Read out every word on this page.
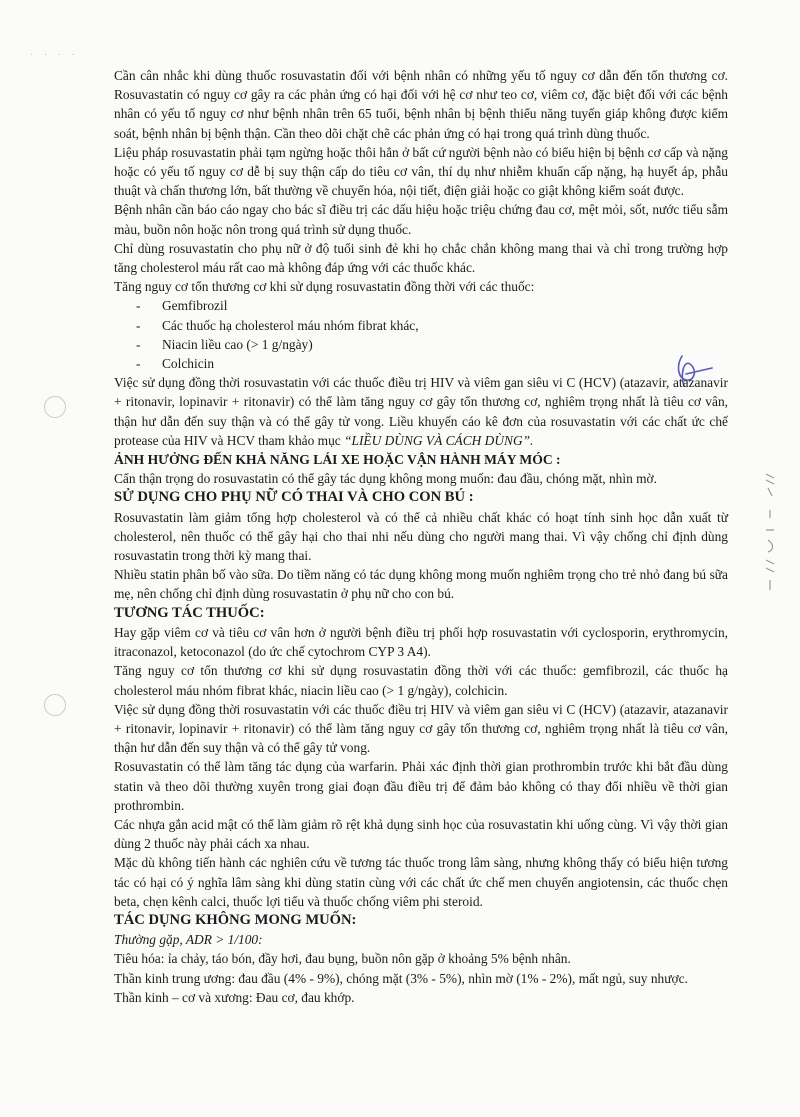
· · · ·

Cần cân nhắc khi dùng thuốc rosuvastatin đối với bệnh nhân có những yếu tố nguy cơ dẫn đến tổn thương cơ. Rosuvastatin có nguy cơ gây ra các phản ứng có hại đối với hệ cơ như teo cơ, viêm cơ, đặc biệt đối với các bệnh nhân có yếu tố nguy cơ như bệnh nhân trên 65 tuổi, bệnh nhân bị bệnh thiểu năng tuyến giáp không được kiểm soát, bệnh nhân bị bệnh thận. Cần theo dõi chặt chẽ các phản ứng có hại trong quá trình dùng thuốc.

Liệu pháp rosuvastatin phải tạm ngừng hoặc thôi hẳn ở bất cứ người bệnh nào có biểu hiện bị bệnh cơ cấp và nặng hoặc có yếu tố nguy cơ dễ bị suy thận cấp do tiêu cơ vân, thí dụ như nhiễm khuẩn cấp nặng, hạ huyết áp, phẫu thuật và chấn thương lớn, bất thường về chuyển hóa, nội tiết, điện giải hoặc co giật không kiểm soát được.

Bệnh nhân cần báo cáo ngay cho bác sĩ điều trị các dấu hiệu hoặc triệu chứng đau cơ, mệt mỏi, sốt, nước tiểu sẫm màu, buồn nôn hoặc nôn trong quá trình sử dụng thuốc.

Chỉ dùng rosuvastatin cho phụ nữ ở độ tuổi sinh đẻ khi họ chắc chắn không mang thai và chỉ trong trường hợp tăng cholesterol máu rất cao mà không đáp ứng với các thuốc khác.

Tăng nguy cơ tổn thương cơ khi sử dụng rosuvastatin đồng thời với các thuốc:

- Gemfibrozil
- Các thuốc hạ cholesterol máu nhóm fibrat khác,
- Niacin liều cao (> 1 g/ngày)
- Colchicin

Việc sử dụng đồng thời rosuvastatin với các thuốc điều trị HIV và viêm gan siêu vi C (HCV) (atazavir, atazanavir + ritonavir, lopinavir + ritonavir) có thể làm tăng nguy cơ gây tổn thương cơ, nghiêm trọng nhất là tiêu cơ vân, thận hư dẫn đến suy thận và có thể gây tử vong. Liều khuyến cáo kê đơn của rosuvastatin với các chất ức chế protease của HIV và HCV tham khảo mục “LIỀU DÙNG VÀ CÁCH DÙNG”.

ẢNH HƯỞNG ĐẾN KHẢ NĂNG LÁI XE HOẶC VẬN HÀNH MÁY MÓC :

Cẩn thận trọng do rosuvastatin có thể gây tác dụng không mong muốn: đau đầu, chóng mặt, nhìn mờ.

SỬ DỤNG CHO PHỤ NỮ CÓ THAI VÀ CHO CON BÚ :

Rosuvastatin làm giảm tổng hợp cholesterol và có thể cả nhiều chất khác có hoạt tính sinh học dẫn xuất từ cholesterol, nên thuốc có thể gây hại cho thai nhi nếu dùng cho người mang thai. Vì vậy chống chỉ định dùng rosuvastatin trong thời kỳ mang thai.

Nhiều statin phân bố vào sữa. Do tiềm năng có tác dụng không mong muốn nghiêm trọng cho trẻ nhỏ đang bú sữa mẹ, nên chống chỉ định dùng rosuvastatin ở phụ nữ cho con bú.

TƯƠNG TÁC THUỐC:

Hay gặp viêm cơ và tiêu cơ vân hơn ở người bệnh điều trị phối hợp rosuvastatin với cyclosporin, erythromycin, itraconazol, ketoconazol (do ức chế cytochrom CYP 3 A4).

Tăng nguy cơ tổn thương cơ khi sử dụng rosuvastatin đồng thời với các thuốc: gemfibrozil, các thuốc hạ cholesterol máu nhóm fibrat khác, niacin liều cao (> 1 g/ngày), colchicin.

Việc sử dụng đồng thời rosuvastatin với các thuốc điều trị HIV và viêm gan siêu vi C (HCV) (atazavir, atazanavir + ritonavir, lopinavir + ritonavir) có thể làm tăng nguy cơ gây tổn thương cơ, nghiêm trọng nhất là tiêu cơ vân, thận hư dẫn đến suy thận và có thể gây tử vong.

Rosuvastatin có thể làm tăng tác dụng của warfarin. Phải xác định thời gian prothrombin trước khi bắt đầu dùng statin và theo dõi thường xuyên trong giai đoạn đầu điều trị để đảm bảo không có thay đổi nhiều về thời gian prothrombin.

Các nhựa gắn acid mật có thể làm giảm rõ rệt khả dụng sinh học của rosuvastatin khi uống cùng. Vì vậy thời gian dùng 2 thuốc này phải cách xa nhau.

Mặc dù không tiến hành các nghiên cứu về tương tác thuốc trong lâm sàng, nhưng không thấy có biểu hiện tương tác có hại có ý nghĩa lâm sàng khi dùng statin cùng với các chất ức chế men chuyển angiotensin, các thuốc chẹn beta, chẹn kênh calci, thuốc lợi tiểu và thuốc chống viêm phi steroid.

TÁC DỤNG KHÔNG MONG MUỐN:

Thường gặp, ADR > 1/100:

Tiêu hóa: ỉa chảy, táo bón, đầy hơi, đau bụng, buồn nôn gặp ở khoảng 5% bệnh nhân.

Thần kinh trung ương: đau đầu (4% - 9%), chóng mặt (3% - 5%), nhìn mờ (1% - 2%), mất ngủ, suy nhược.

Thần kinh – cơ và xương: Đau cơ, đau khớp.
